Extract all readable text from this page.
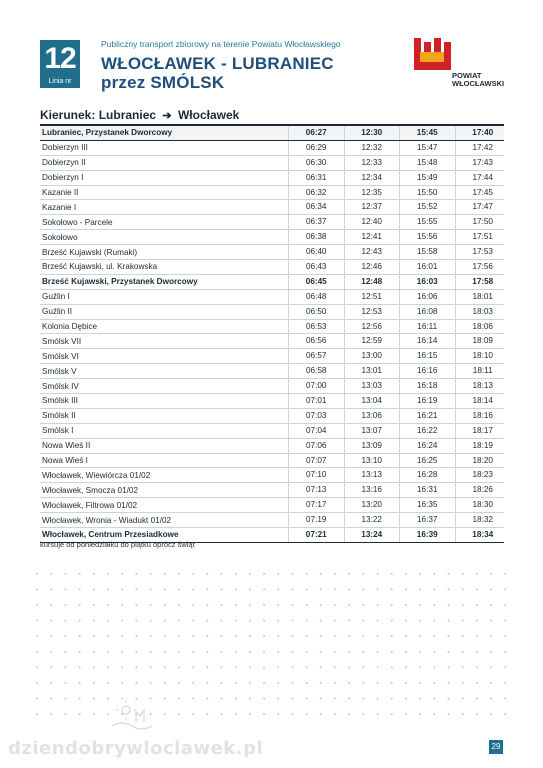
12
Linia nr
Publiczny transport zbiorowy na terenie Powiatu Włocławskiego
WŁOCŁAWEK - LUBRANIEC
przez SMÓLSK	POWIAT
WŁOCŁAWSKI
Kierunek: Lubraniec ➔ Włocławek
Lubraniec, Przystanek Dworcowy	06:27	12:30	15:45	17:40
Dobierzyn III	06:29	12:32	15:47	17:42
Dobierzyn II	06:30	12:33	15:48	17:43
Dobierzyn I	06:31	12:34	15:49	17:44
Kazanie II	06:32	12:35	15:50	17:45
Kazanie I	06:34	12:37	15:52	17:47
Sokołowo - Parcele	06:37	12:40	15:55	17:50
Sokołowo	06:38	12:41	15:56	17:51
Brześć Kujawski (Rumaki)	06:40	12:43	15:58	17:53
Brześć Kujawski, ul. Krakowska	06:43	12:46	16:01	17:56
Brześć Kujawski, Przystanek Dworcowy	06:45	12:48	16:03	17:58
Guźlin I	06:48	12:51	16:06	18:01
Guźlin II	06:50	12:53	16:08	18:03
Kolonia Dębice	06:53	12:56	16:11	18:06
Smólsk VII	06:56	12:59	16:14	18:09
Smólsk VI	06:57	13:00	16:15	18:10
Smólsk V	06:58	13:01	16:16	18:11
Smólsk IV	07:00	13:03	16:18	18:13
Smólsk III	07:01	13:04	16:19	18:14
Smólsk II	07:03	13:06	16:21	18:16
Smólsk I	07:04	13:07	16:22	18:17
Nowa Wieś II	07:06	13:09	16:24	18:19
Nowa Wieś I	07:07	13:10	16:25	18:20
Włocławek, Wiewiórcza 01/02	07:10	13:13	16:28	18:23
Włocławek, Smocza 01/02	07:13	13:16	16:31	18:26
Włocławek, Filtrowa 01/02	07:17	13:20	16:35	18:30
Włocławek, Wronia - Wiadukt 01/02	07:19	13:22	16:37	18:32
Włocławek, Centrum Przesiadkowe	07:21	13:24	16:39	18:34
kursuje od poniedziałku do piątku oprócz świąt
dziendobrywloclawek.pl	29
